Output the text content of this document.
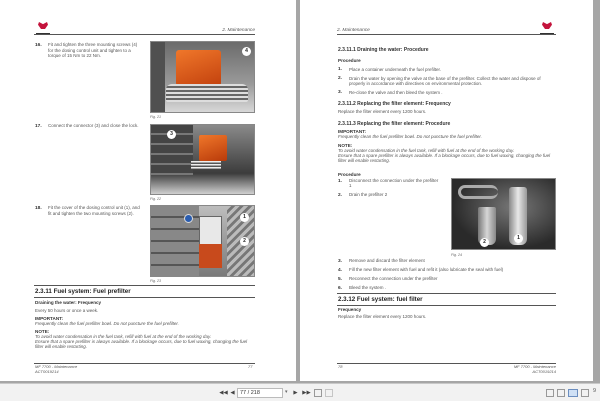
2. Maintenance
16. Fit and tighten the three mounting screws (4) for the dosing control unit and tighten to a torque of 15 Nm to 22 Nm.
4
Fig. 21
17. Connect the connector (3) and close the lock.
3
Fig. 22
18. Fit the cover of the dosing control unit (1), and fit and tighten the two mounting screws (2).
1
2
Fig. 23
2.3.11 Fuel system: Fuel prefilter
Draining the water: Frequency
Every 50 hours or once a week.
IMPORTANT:
Frequently clean the fuel prefilter bowl. Do not puncture the fuel prefilter.
NOTE:
To avoid water condensation in the fuel tank, refill with fuel at the end of the working day.
Ensure that a spare prefilter is always available. If a blockage occurs, due to fuel waxing, changing the fuel
filter will enable restarting.
MF 7700 - Maintenance
ACT0019214
77
2. Maintenance
2.3.11.1 Draining the water: Procedure
Procedure
1. Place a container underneath the fuel prefilter.
2. Drain the water by opening the valve at the base of the prefilter. Collect the water and dispose of
properly in accordance with directives on environmental protection.
3. Re-close the valve and then bleed the system .
2.3.11.2 Replacing the filter element: Frequency
Replace the filter element every 1200 hours.
2.3.11.3 Replacing the filter element: Procedure
IMPORTANT:
Frequently clean the fuel prefilter bowl. Do not puncture the fuel prefilter.
NOTE:
To avoid water condensation in the fuel tank, refill with fuel at the end of the working day.
Ensure that a spare prefilter is always available. If a blockage occurs, due to fuel waxing, changing the fuel
filter will enable restarting.
Procedure
1. Disconnect the connection under the prefilter
1
2. Drain the prefilter 2
2
1
Fig. 24
3. Remove and discard the filter element
4. Fill the new filter element with fuel and refit it (also lubricate the seal with fuel)
5. Reconnect the connection under the prefilter
6. Bleed the system .
2.3.12 Fuel system: fuel filter
Frequency
Replace the filter element every 1200 hours.
78	MF 7700 - Maintenance
ACT0019214
◀◀ ◀
77 / 218	▾ ▶ ▶▶	9
